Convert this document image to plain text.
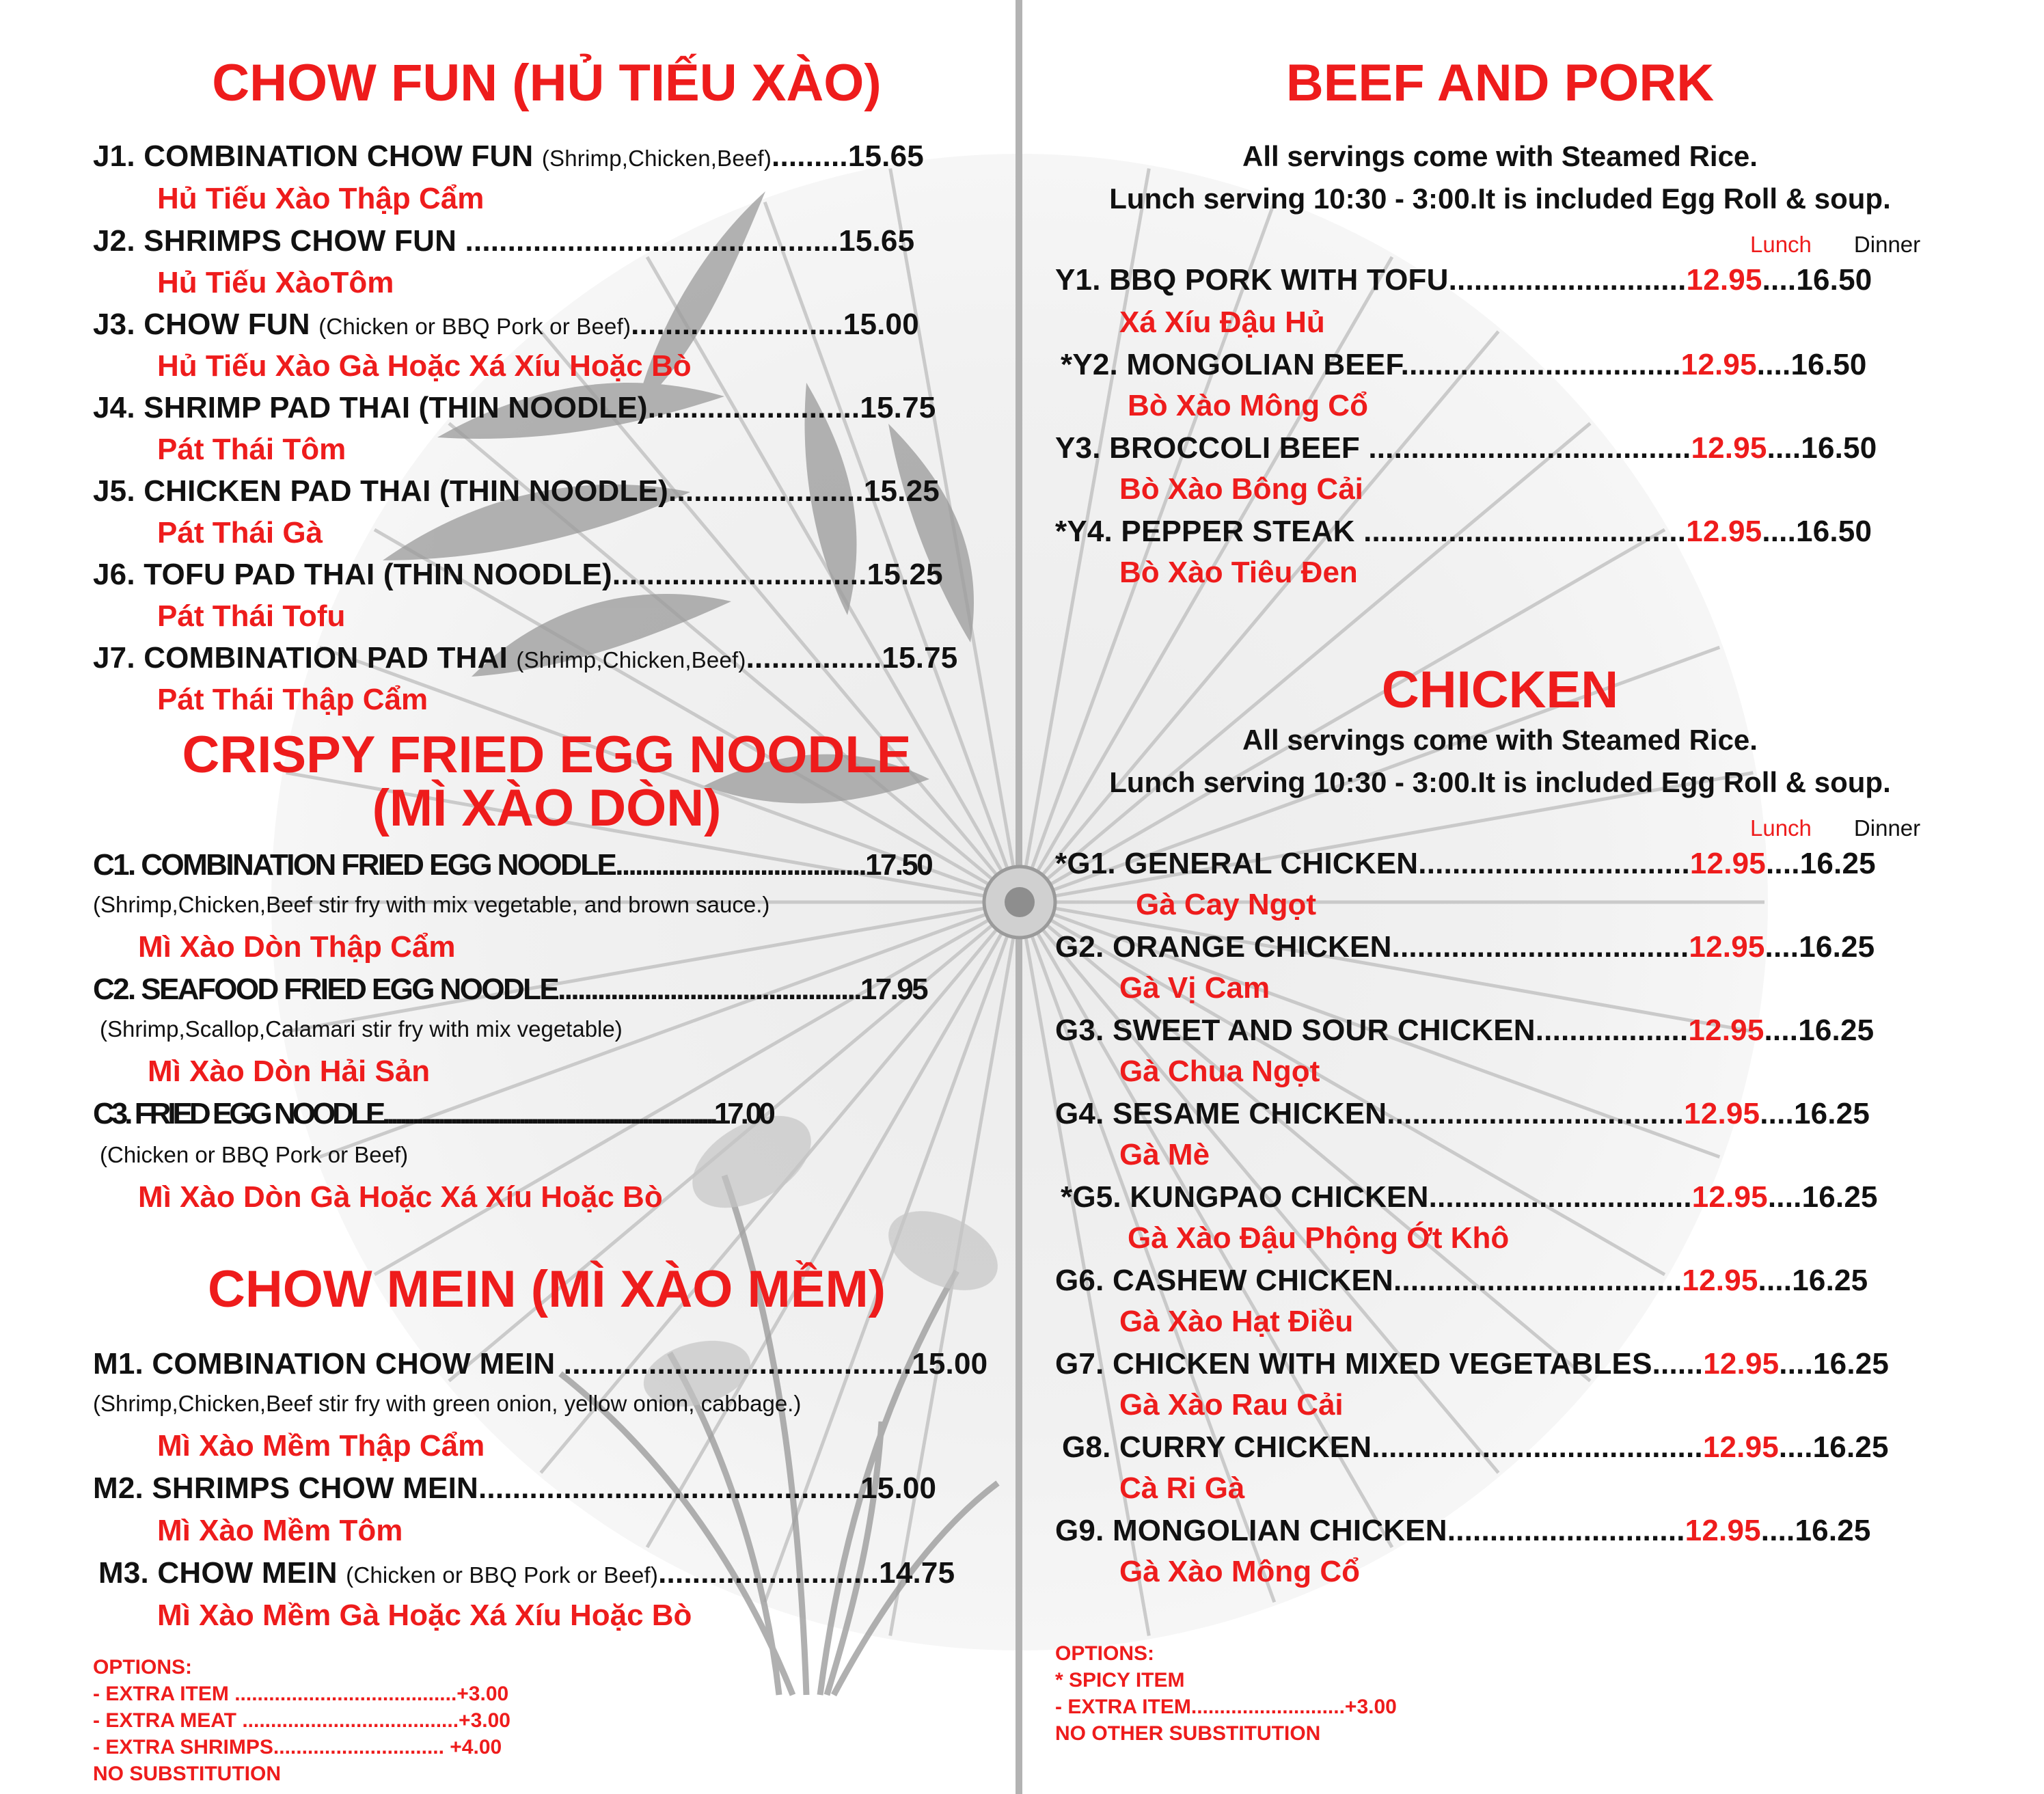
CHOW FUN (HỦ TIẾU XÀO)
J1. COMBINATION CHOW FUN (Shrimp,Chicken,Beef).........15.65
Hủ Tiếu Xào Thập Cẩm
J2. SHRIMPS CHOW FUN ............................................15.65
Hủ Tiếu XàoTôm
J3. CHOW FUN (Chicken or BBQ Pork or Beef).........................15.00
Hủ Tiếu Xào Gà Hoặc Xá Xíu Hoặc Bò
J4. SHRIMP PAD THAI (THIN NOODLE).........................15.75
Pát Thái Tôm
J5. CHICKEN PAD THAI (THIN NOODLE).......................15.25
Pát Thái Gà
J6. TOFU PAD THAI (THIN NOODLE)..............................15.25
Pát Thái Tofu
J7. COMBINATION PAD THAI (Shrimp,Chicken,Beef)................15.75
Pát Thái Thập Cẩm
CRISPY FRIED EGG NOODLE
(MÌ XÀO DÒN)
C1. COMBINATION FRIED EGG NOODLE......................................17.50
(Shrimp,Chicken,Beef stir fry with mix vegetable, and brown sauce.)
Mì Xào Dòn Thập Cẩm
C2. SEAFOOD FRIED EGG NOODLE..............................................17.95
(Shrimp,Scallop,Calamari stir fry with mix vegetable)
Mì Xào Dòn Hải Sản
C3. FRIED EGG NOODLE..............................................................................17.00
(Chicken or BBQ Pork or Beef)
Mì Xào Dòn Gà Hoặc Xá Xíu Hoặc Bò
CHOW MEIN (MÌ XÀO MỀM)
M1. COMBINATION CHOW MEIN .........................................15.00
(Shrimp,Chicken,Beef stir fry with green onion, yellow onion, cabbage.)
Mì Xào Mềm Thập Cẩm
M2. SHRIMPS CHOW MEIN.............................................15.00
Mì Xào Mềm Tôm
M3. CHOW MEIN (Chicken or BBQ Pork or Beef)..........................14.75
Mì Xào Mềm Gà Hoặc Xá Xíu Hoặc Bò
OPTIONS:
- EXTRA ITEM .......................................+3.00
- EXTRA MEAT ......................................+3.00
- EXTRA SHRIMPS.............................. +4.00
NO SUBSTITUTION
BEEF AND PORK
All servings come with Steamed Rice.
Lunch serving 10:30 - 3:00.It is included Egg Roll & soup.
Lunch Dinner
Y1. BBQ PORK WITH TOFU............................12.95....16.50
Xá Xíu Đậu Hủ
*Y2. MONGOLIAN BEEF.................................12.95....16.50
Bò Xào Mông Cổ
Y3. BROCCOLI BEEF ......................................12.95....16.50
Bò Xào Bông Cải
*Y4. PEPPER STEAK ......................................12.95....16.50
Bò Xào Tiêu Đen
CHICKEN
All servings come with Steamed Rice.
Lunch serving 10:30 - 3:00.It is included Egg Roll & soup.
Lunch Dinner
*G1. GENERAL CHICKEN................................12.95....16.25
Gà Cay Ngọt
G2. ORANGE CHICKEN...................................12.95....16.25
Gà Vị Cam
G3. SWEET AND SOUR CHICKEN..................12.95....16.25
Gà Chua Ngọt
G4. SESAME CHICKEN...................................12.95....16.25
Gà Mè
*G5. KUNGPAO CHICKEN...............................12.95....16.25
Gà Xào Đậu Phộng Ớt Khô
G6. CASHEW CHICKEN..................................12.95....16.25
Gà Xào Hạt Điều
G7. CHICKEN WITH MIXED VEGETABLES......12.95....16.25
Gà Xào Rau Cải
G8. CURRY CHICKEN.......................................12.95....16.25
Cà Ri Gà
G9. MONGOLIAN CHICKEN............................12.95....16.25
Gà Xào Mông Cổ
OPTIONS:
* SPICY ITEM
- EXTRA ITEM...........................+3.00
NO OTHER SUBSTITUTION
